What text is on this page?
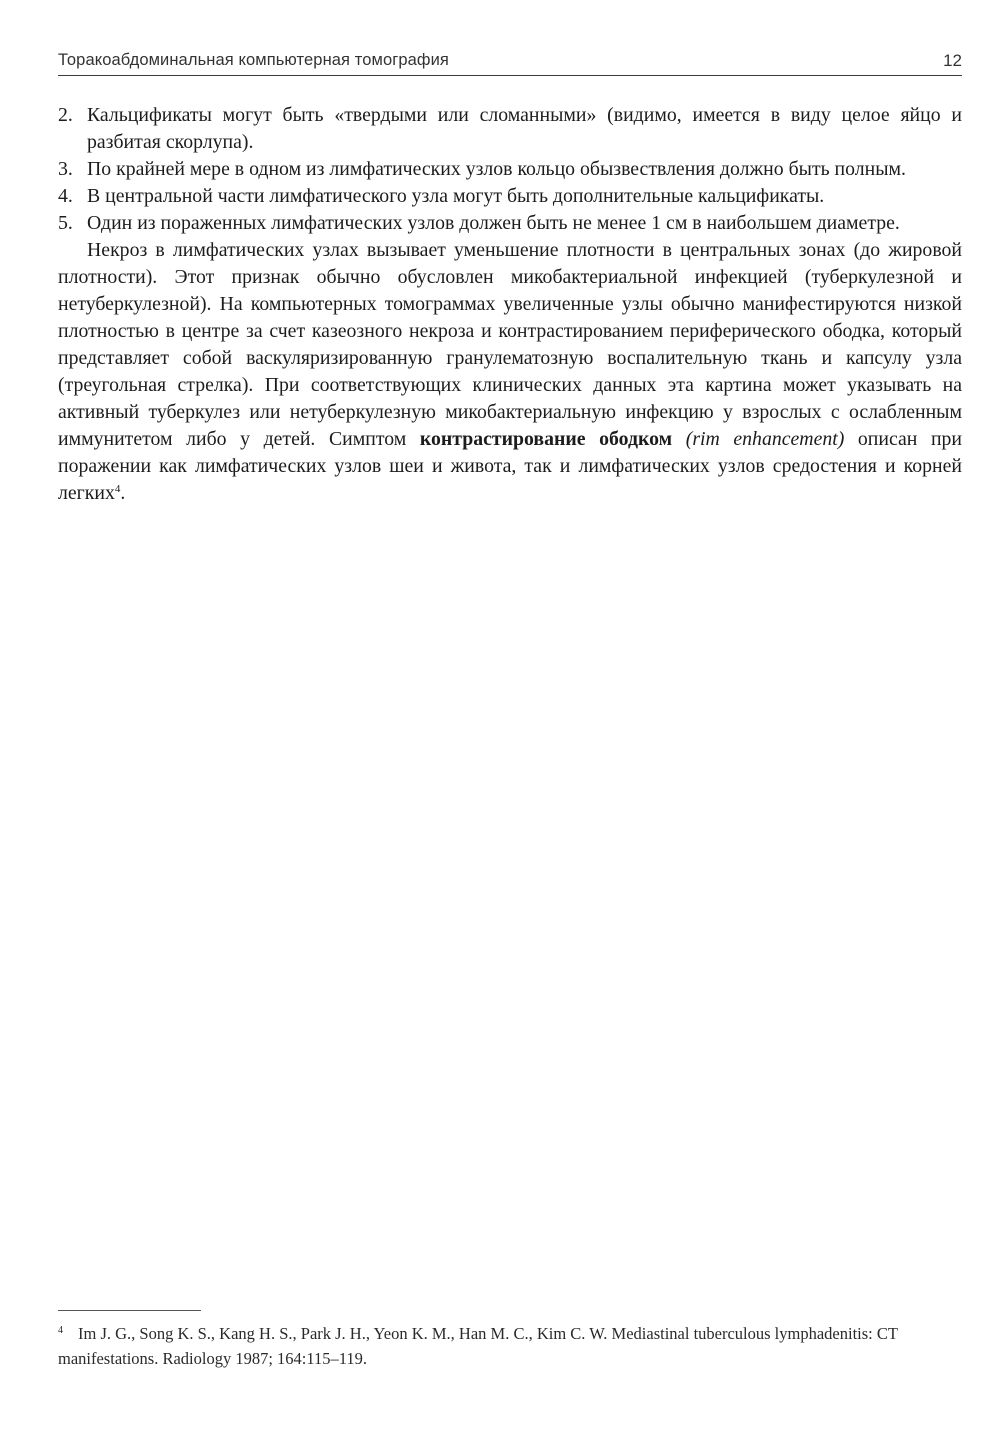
Торакоабдоминальная компьютерная томография	12
2. Кальцификаты могут быть «твердыми или сломанными» (видимо, имеется в виду целое яйцо и разбитая скорлупа).
3. По крайней мере в одном из лимфатических узлов кольцо обызвествления должно быть полным.
4. В центральной части лимфатического узла могут быть дополнительные кальцификаты.
5. Один из пораженных лимфатических узлов должен быть не менее 1 см в наибольшем диаметре.

Некроз в лимфатических узлах вызывает уменьшение плотности в центральных зонах (до жировой плотности). Этот признак обычно обусловлен микобактериальной инфекцией (туберкулезной и нетуберкулезной). На компьютерных томограммах увеличенные узлы обычно манифестируются низкой плотностью в центре за счет казеозного некроза и контрастированием периферического ободка, который представляет собой васкуляризированную гранулематозную воспалительную ткань и капсулу узла (треугольная стрелка). При соответствующих клинических данных эта картина может указывать на активный туберкулез или нетуберкулезную микобактериальную инфекцию у взрослых с ослабленным иммунитетом либо у детей. Симптом контрастирование ободком (rim enhancement) описан при поражении как лимфатических узлов шеи и живота, так и лимфатических узлов средостения и корней легких$^4$.

4 Im J. G., Song K. S., Kang H. S., Park J. H., Yeon K. M., Han M. C., Kim C. W. Mediastinal tuberculous lymphadenitis: CT manifestations. Radiology 1987; 164:115–119.
